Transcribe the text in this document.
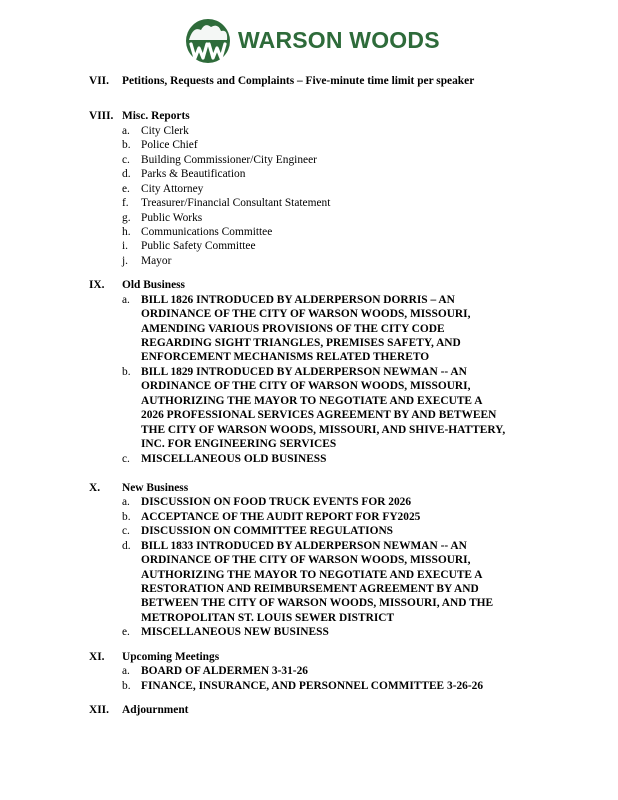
WARSON WOODS
VII. Petitions, Requests and Complaints – Five-minute time limit per speaker
VIII. Misc. Reports
a. City Clerk
b. Police Chief
c. Building Commissioner/City Engineer
d. Parks & Beautification
e. City Attorney
f. Treasurer/Financial Consultant Statement
g. Public Works
h. Communications Committee
i. Public Safety Committee
j. Mayor
IX. Old Business
a. BILL 1826 INTRODUCED BY ALDERPERSON DORRIS – AN
ORDINANCE OF THE CITY OF WARSON WOODS, MISSOURI,
AMENDING VARIOUS PROVISIONS OF THE CITY CODE
REGARDING SIGHT TRIANGLES, PREMISES SAFETY, AND
ENFORCEMENT MECHANISMS RELATED THERETO
b. BILL 1829 INTRODUCED BY ALDERPERSON NEWMAN -- AN
ORDINANCE OF THE CITY OF WARSON WOODS, MISSOURI,
AUTHORIZING THE MAYOR TO NEGOTIATE AND EXECUTE A
2026 PROFESSIONAL SERVICES AGREEMENT BY AND BETWEEN
THE CITY OF WARSON WOODS, MISSOURI, AND SHIVE-HATTERY,
INC. FOR ENGINEERING SERVICES
c. MISCELLANEOUS OLD BUSINESS
X. New Business
a. DISCUSSION ON FOOD TRUCK EVENTS FOR 2026
b. ACCEPTANCE OF THE AUDIT REPORT FOR FY2025
c. DISCUSSION ON COMMITTEE REGULATIONS
d. BILL 1833 INTRODUCED BY ALDERPERSON NEWMAN -- AN
ORDINANCE OF THE CITY OF WARSON WOODS, MISSOURI,
AUTHORIZING THE MAYOR TO NEGOTIATE AND EXECUTE A
RESTORATION AND REIMBURSEMENT AGREEMENT BY AND
BETWEEN THE CITY OF WARSON WOODS, MISSOURI, AND THE
METROPOLITAN ST. LOUIS SEWER DISTRICT
e. MISCELLANEOUS NEW BUSINESS
XI. Upcoming Meetings
a. BOARD OF ALDERMEN 3-31-26
b. FINANCE, INSURANCE, AND PERSONNEL COMMITTEE 3-26-26
XII. Adjournment
